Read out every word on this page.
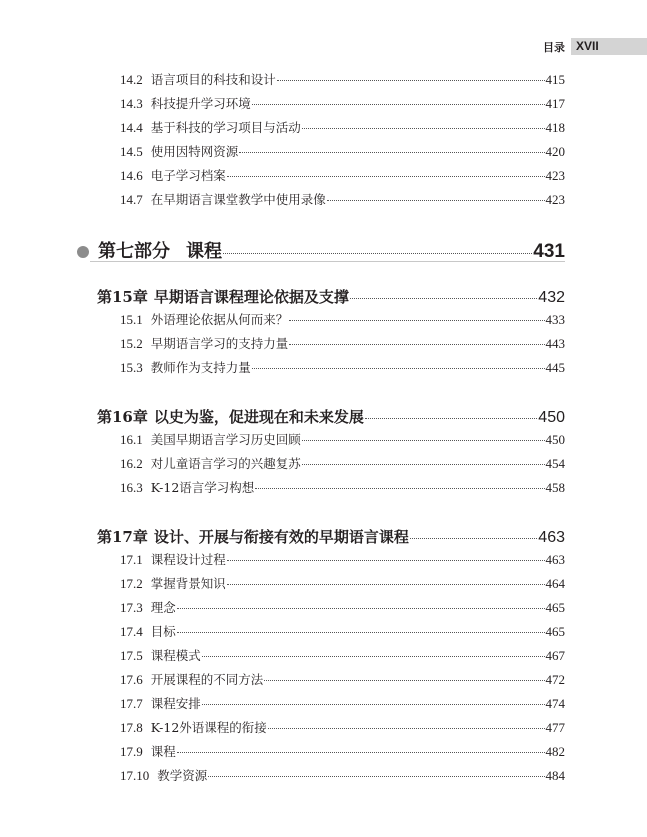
目录 XVII
14.2 语言项目的科技和设计	415
14.3 科技提升学习环境	417
14.4 基于科技的学习项目与活动	418
14.5 使用因特网资源	420
14.6 电子学习档案	423
14.7 在早期语言课堂教学中使用录像	423
第七部分 课程	431
第15章 早期语言课程理论依据及支撑	432
15.1 外语理论依据从何而来？	433
15.2 早期语言学习的支持力量	443
15.3 教师作为支持力量	445
第16章 以史为鉴，促进现在和未来发展	450
16.1 美国早期语言学习历史回顾	450
16.2 对儿童语言学习的兴趣复苏	454
16.3 K-12语言学习构想	458
第17章 设计、开展与衔接有效的早期语言课程	463
17.1 课程设计过程	463
17.2 掌握背景知识	464
17.3 理念	465
17.4 目标	465
17.5 课程模式	467
17.6 开展课程的不同方法	472
17.7 课程安排	474
17.8 K-12外语课程的衔接	477
17.9 课程	482
17.10 教学资源	484
